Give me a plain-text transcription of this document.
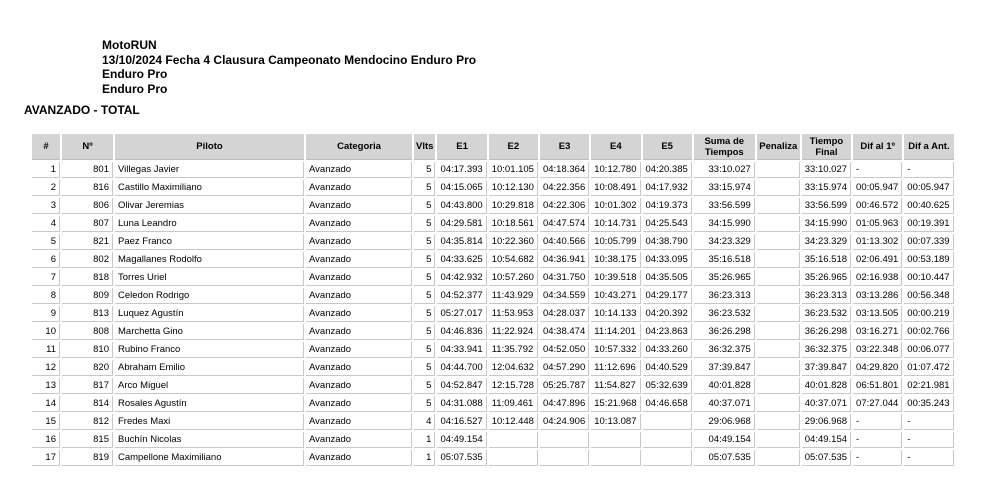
MotoRUN
13/10/2024 Fecha 4 Clausura Campeonato Mendocino Enduro Pro
Enduro Pro
Enduro Pro
AVANZADO - TOTAL
#	Nº	Piloto	Categoria	Vlts	E1	E2	E3	E4	E5	Suma de Tiempos	Penaliza	Tiempo Final	Dif al 1º	Dif a Ant.
1	801	Villegas Javier	Avanzado	5	04:17.393	10:01.105	04:18.364	10:12.780	04:20.385	33:10.027		33:10.027	-	-
2	816	Castillo Maximiliano	Avanzado	5	04:15.065	10:12.130	04:22.356	10:08.491	04:17.932	33:15.974		33:15.974	00:05.947	00:05.947
3	806	Olivar Jeremias	Avanzado	5	04:43.800	10:29.818	04:22.306	10:01.302	04:19.373	33:56.599		33:56.599	00:46.572	00:40.625
4	807	Luna Leandro	Avanzado	5	04:29.581	10:18.561	04:47.574	10:14.731	04:25.543	34:15.990		34:15.990	01:05.963	00:19.391
5	821	Paez Franco	Avanzado	5	04:35.814	10:22.360	04:40.566	10:05.799	04:38.790	34:23.329		34:23.329	01:13.302	00:07.339
6	802	Magallanes Rodolfo	Avanzado	5	04:33.625	10:54.682	04:36.941	10:38.175	04:33.095	35:16.518		35:16.518	02:06.491	00:53.189
7	818	Torres Uriel	Avanzado	5	04:42.932	10:57.260	04:31.750	10:39.518	04:35.505	35:26.965		35:26.965	02:16.938	00:10.447
8	809	Celedon Rodrigo	Avanzado	5	04:52.377	11:43.929	04:34.559	10:43.271	04:29.177	36:23.313		36:23.313	03:13.286	00:56.348
9	813	Luquez Agustín	Avanzado	5	05:27.017	11:53.953	04:28.037	10:14.133	04:20.392	36:23.532		36:23.532	03:13.505	00:00.219
10	808	Marchetta Gino	Avanzado	5	04:46.836	11:22.924	04:38.474	11:14.201	04:23.863	36:26.298		36:26.298	03:16.271	00:02.766
11	810	Rubino Franco	Avanzado	5	04:33.941	11:35.792	04:52.050	10:57.332	04:33.260	36:32.375		36:32.375	03:22.348	00:06.077
12	820	Abraham Emilio	Avanzado	5	04:44.700	12:04.632	04:57.290	11:12.696	04:40.529	37:39.847		37:39.847	04:29.820	01:07.472
13	817	Arco Miguel	Avanzado	5	04:52.847	12:15.728	05:25.787	11:54.827	05:32.639	40:01.828		40:01.828	06:51.801	02:21.981
14	814	Rosales Agustín	Avanzado	5	04:31.088	11:09.461	04:47.896	15:21.968	04:46.658	40:37.071		40:37.071	07:27.044	00:35.243
15	812	Fredes Maxi	Avanzado	4	04:16.527	10:12.448	04:24.906	10:13.087		29:06.968		29:06.968	-	-
16	815	Buchín Nicolas	Avanzado	1	04:49.154					04:49.154		04:49.154	-	-
17	819	Campellone Maximiliano	Avanzado	1	05:07.535					05:07.535		05:07.535	-	-
